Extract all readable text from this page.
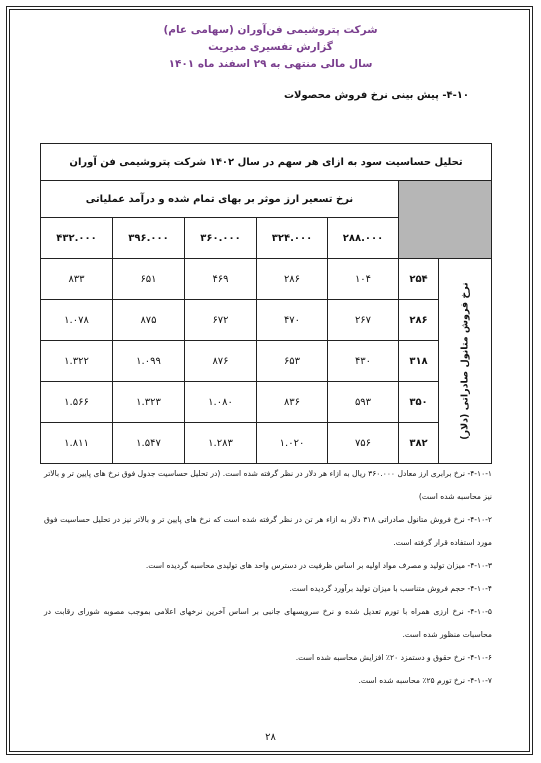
شرکت پتروشیمی فن‌آوران (سهامی عام)
گزارش تفسیری مدیریت
سال مالی منتهی به ۲۹ اسفند ماه ۱۴۰۱
۴-۱۰- پیش بینی نرخ فروش محصولات
تحلیل حساسیت سود به ازای هر سهم در سال ۱۴۰۲ شرکت پتروشیمی فن آوران						
		نرخ تسعیر ارز موثر بر بهای تمام شده و درآمد عملیاتی				
		۲۸۸.۰۰۰	۳۲۴.۰۰۰	۳۶۰.۰۰۰	۳۹۶.۰۰۰	۴۳۲.۰۰۰

نرخ فروش متانول صادراتی (دلار)	۲۵۴	۱۰۴	۲۸۶	۴۶۹	۶۵۱	۸۳۳
	۲۸۶	۲۶۷	۴۷۰	۶۷۲	۸۷۵	۱.۰۷۸
	۳۱۸	۴۳۰	۶۵۳	۸۷۶	۱.۰۹۹	۱.۳۲۲
	۳۵۰	۵۹۳	۸۳۶	۱.۰۸۰	۱.۳۲۳	۱.۵۶۶
	۳۸۲	۷۵۶	۱.۰۲۰	۱.۲۸۳	۱.۵۴۷	۱.۸۱۱
۴-۱۰-۱- نرخ برابری ارز معادل ۳۶۰.۰۰۰ ریال به ازاء هر دلار در نظر گرفته شده است. (در تحلیل حساسیت جدول فوق نرخ های پایین تر و بالاتر نیز محاسبه شده است)
۴-۱۰-۲- نرخ فروش متانول صادراتی ۳۱۸ دلار به ازاء هر تن در نظر گرفته شده است که نرخ های پایین تر و بالاتر نیز در تحلیل حساسیت فوق مورد استفاده قرار گرفته است.
۴-۱۰-۳- میزان تولید و مصرف مواد اولیه بر اساس ظرفیت در دسترس واحد های تولیدی محاسبه گردیده است.
۴-۱۰-۴- حجم فروش متناسب با میزان تولید برآورد گردیده است.
۴-۱۰-۵- نرخ ارزی همراه با تورم تعدیل شده و نرخ سرویسهای جانبی بر اساس آخرین نرخهای اعلامی بموجب مصوبه شورای رقابت در محاسبات منظور شده است.
۴-۱۰-۶- نرخ حقوق و دستمزد ۲۰٪ افزایش محاسبه شده است.
۴-۱۰-۷- نرخ تورم ۲۵٪ محاسبه شده است.
۲۸
